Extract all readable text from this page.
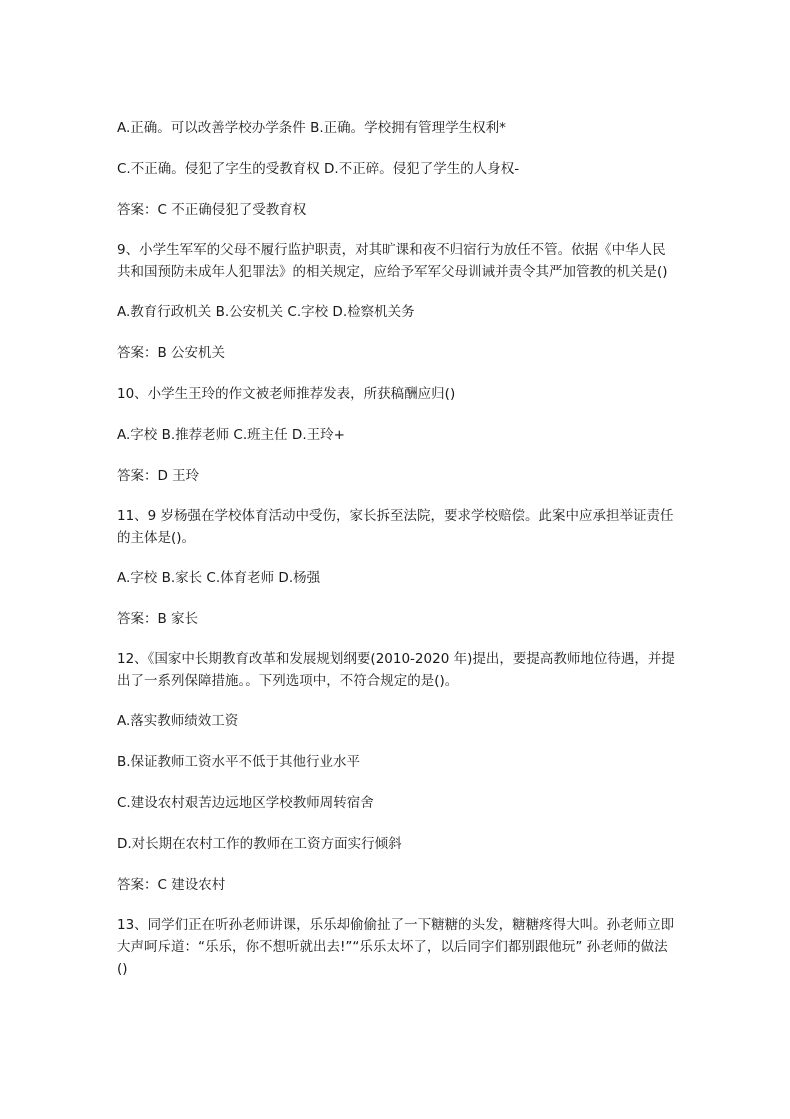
A.正确。可以改善学校办学条件 B.正确。学校拥有管理学生权利*

C.不正确。侵犯了字生的受教育权 D.不正碎。侵犯了学生的人身权-

答案：C 不正确侵犯了受教育权

9、小学生军军的父母不履行监护职责，对其旷课和夜不归宿行为放任不管。依据《中华人民共和国预防未成年人犯罪法》的相关规定，应给予军军父母训诫并责令其严加管教的机关是()

A.教育行政机关 B.公安机关 C.字校 D.检察机关务

答案：B 公安机关

10、小学生王玲的作文被老师推荐发表，所获稿酬应归()

A.字校 B.推荐老师 C.班主任 D.王玲+

答案：D 王玲

11、9 岁杨强在学校体育活动中受伤，家长拆至法院，要求学校赔偿。此案中应承担举证责任的主体是()。

A.字校 B.家长 C.体育老师 D.杨强

答案：B 家长

12、《国家中长期教育改革和发展规划纲要(2010-2020 年)提出，要提高教师地位待遇，并提出了一系列保障措施。。下列选项中，不符合规定的是()。

A.落实教师绩效工资

B.保证教师工资水平不低于其他行业水平

C.建设农村艰苦边远地区学校教师周转宿舍

D.对长期在农村工作的教师在工资方面实行倾斜

答案：C 建设农村

13、同学们正在听孙老师讲课，乐乐却偷偷扯了一下糖糖的头发，糖糖疼得大叫。孙老师立即大声呵斥道：“乐乐，你不想听就出去!”“乐乐太坏了，以后同字们都别跟他玩” 孙老师的做法()
